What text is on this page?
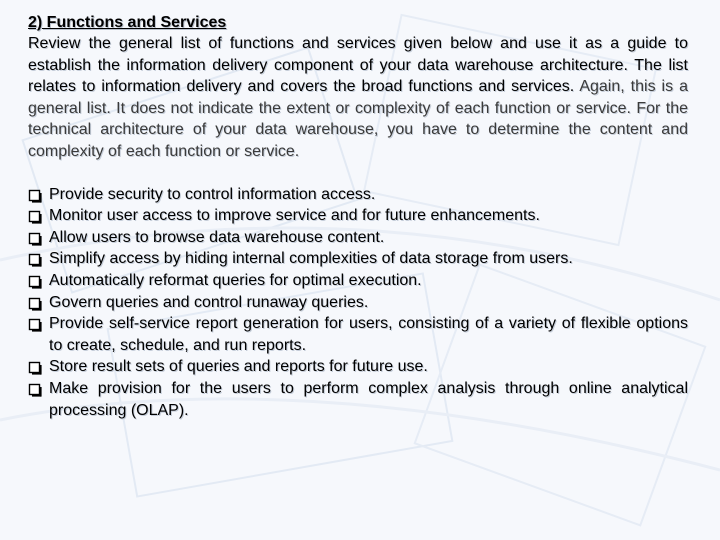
2) Functions and Services

Review the general list of functions and services given below and use it as a guide to establish the information delivery component of your data warehouse architecture. The list relates to information delivery and covers the broad functions and services. Again, this is a general list. It does not indicate the extent or complexity of each function or service. For the technical architecture of your data warehouse, you have to determine the content and complexity of each function or service.

Provide security to control information access.
Monitor user access to improve service and for future enhancements.
Allow users to browse data warehouse content.
Simplify access by hiding internal complexities of data storage from users.
Automatically reformat queries for optimal execution.
Govern queries and control runaway queries.
Provide self-service report generation for users, consisting of a variety of flexible options to create, schedule, and run reports.
Store result sets of queries and reports for future use.
Make provision for the users to perform complex analysis through online analytical processing (OLAP).
